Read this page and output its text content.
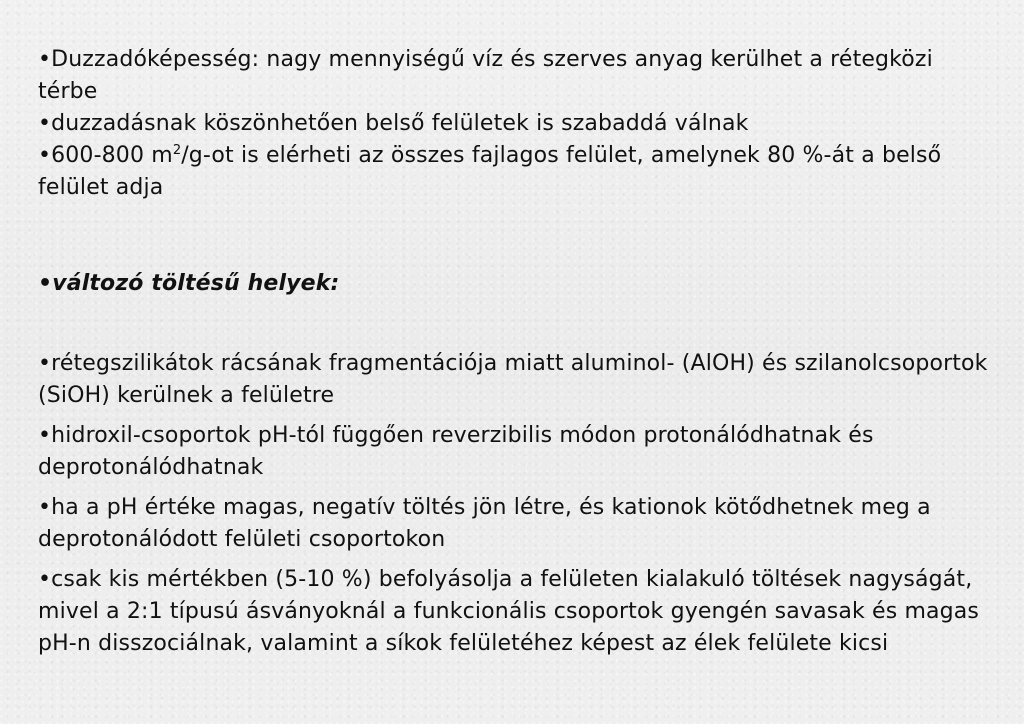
•Duzzadóképesség: nagy mennyiségű víz és szerves anyag kerülhet a rétegközi térbe

•duzzadásnak köszönhetően belső felületek is szabaddá válnak

•600-800 $m^2/g-ot$ is elérheti az összes fajlagos felület, amelynek 80 %-át a belső felület adja

•változó töltésű helyek:

•rétegszilikátok rácsának fragmentációja miatt aluminol- (AlOH) és szilanolcsoportok (SiOH) kerülnek a felületre

•hidroxil-csoportok pH-tól függően reverzibilis módon protonálódhatnak és deprotonálódhatnak

•ha a pH értéke magas, negatív töltés jön létre, és kationok kötődhetnek meg a deprotonálódott felületi csoportokon

•csak kis mértékben (5-10 %) befolyásolja a felületen kialakuló töltések nagyságát, mivel a 2:1 típusú ásványoknál a funkcionális csoportok gyengén savasak és magas pH-n disszociálnak, valamint a síkok felületéhez képest az élek felülete kicsi
